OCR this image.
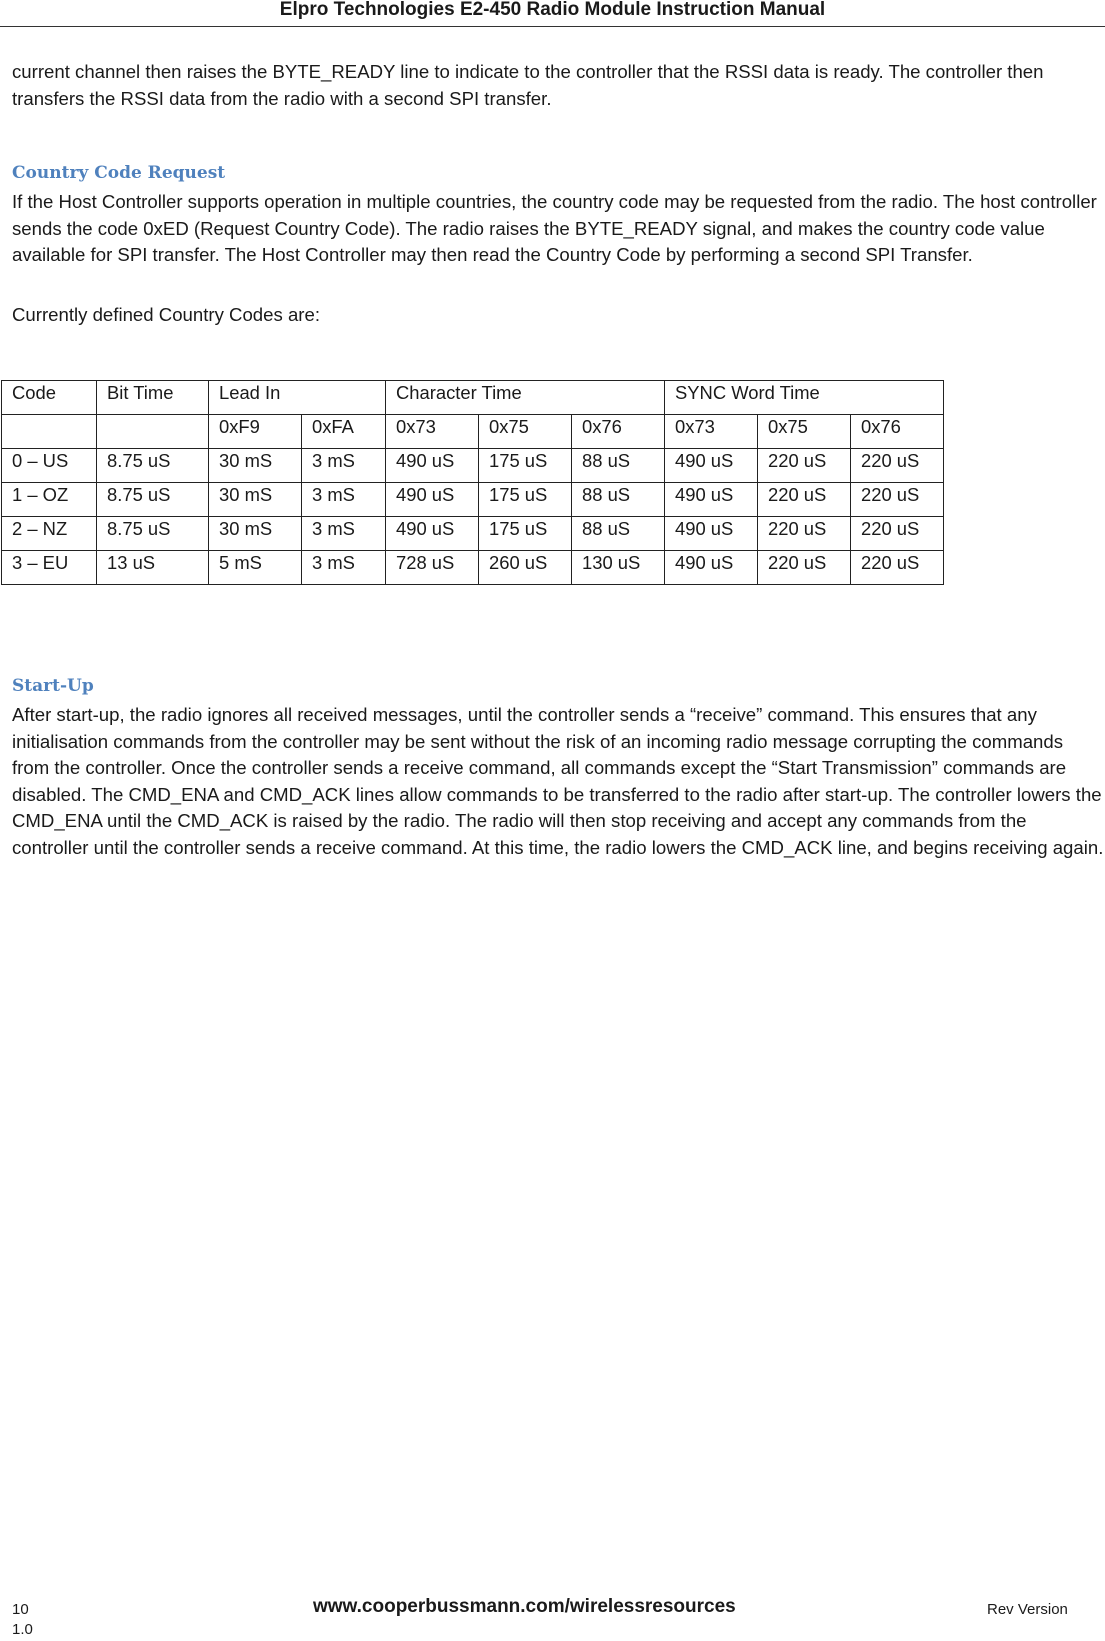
Elpro Technologies E2-450 Radio Module Instruction Manual

current channel then raises the BYTE_READY line to indicate to the controller that the RSSI data is ready. The controller then transfers the RSSI data from the radio with a second SPI transfer.

Country Code Request

If the Host Controller supports operation in multiple countries, the country code may be requested from the radio. The host controller sends the code 0xED (Request Country Code). The radio raises the BYTE_READY signal, and makes the country code value available for SPI transfer. The Host Controller may then read the Country Code by performing a second SPI Transfer.

Currently defined Country Codes are:

Code	Bit Time	Lead In		Character Time			SYNC Word Time		
		0xF9	0xFA	0x73	0x75	0x76	0x73	0x75	0x76
0 – US	8.75 uS	30 mS	3 mS	490 uS	175 uS	88 uS	490 uS	220 uS	220 uS
1 – OZ	8.75 uS	30 mS	3 mS	490 uS	175 uS	88 uS	490 uS	220 uS	220 uS
2 – NZ	8.75 uS	30 mS	3 mS	490 uS	175 uS	88 uS	490 uS	220 uS	220 uS
3 – EU	13 uS	5 mS	3 mS	728 uS	260 uS	130 uS	490 uS	220 uS	220 uS
Start-Up

After start-up, the radio ignores all received messages, until the controller sends a “receive” command. This ensures that any initialisation commands from the controller may be sent without the risk of an incoming radio message corrupting the commands from the controller. Once the controller sends a receive command, all commands except the “Start Transmission” commands are disabled. The CMD_ENA and CMD_ACK lines allow commands to be transferred to the radio after start-up. The controller lowers the CMD_ENA until the CMD_ACK is raised by the radio. The radio will then stop receiving and accept any commands from the controller until the controller sends a receive command. At this time, the radio lowers the CMD_ACK line, and begins receiving again.

10	www.cooperbussmann.com/wirelessresources	Rev Version
1.0
